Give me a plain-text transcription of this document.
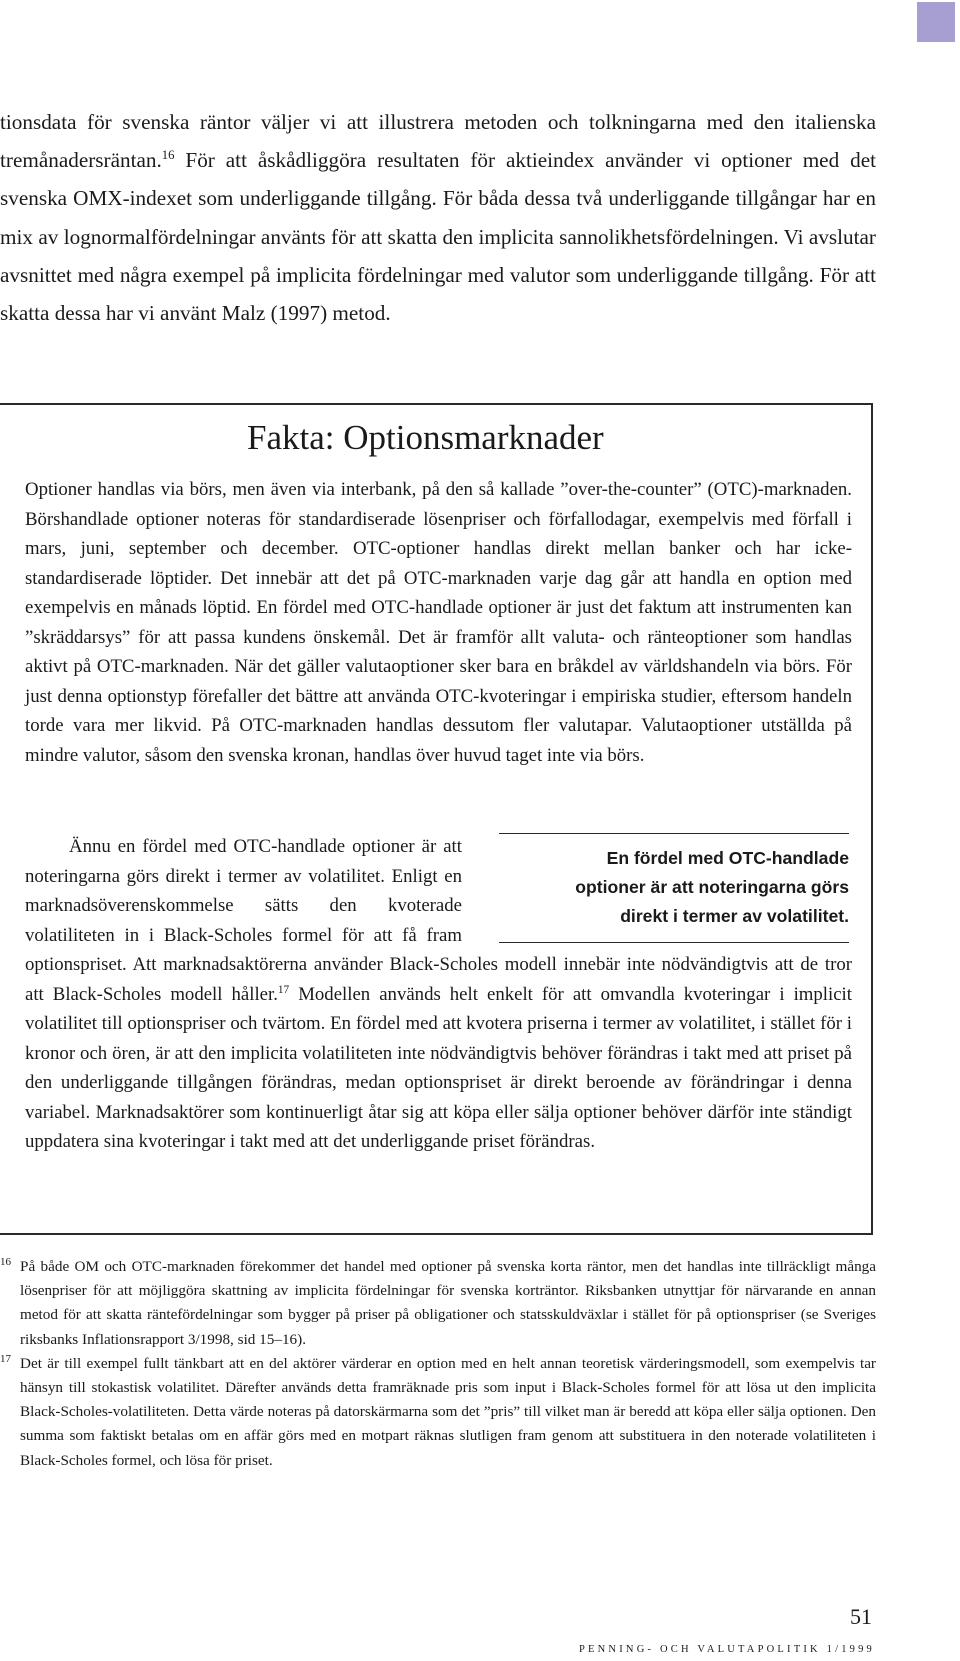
tionsdata för svenska räntor väljer vi att illustrera metoden och tolkningarna med den italienska tremånadersräntan.$^{16}$ För att åskådliggöra resultaten för aktieindex använder vi optioner med det svenska OMX-indexet som underliggande tillgång. För båda dessa två underliggande tillgångar har en mix av lognormalfördelningar använts för att skatta den implicita sannolikhetsfördelningen. Vi avslutar avsnittet med några exempel på implicita fördelningar med valutor som underliggande tillgång. För att skatta dessa har vi använt Malz (1997) metod.

Fakta: Optionsmarknader

Optioner handlas via börs, men även via interbank, på den så kallade ”over-the-counter” (OTC)-marknaden. Börshandlade optioner noteras för standardiserade lösenpriser och förfallodagar, exempelvis med förfall i mars, juni, september och december. OTC-optioner handlas direkt mellan banker och har icke-standardiserade löptider. Det innebär att det på OTC-marknaden varje dag går att handla en option med exempelvis en månads löptid. En fördel med OTC-handlade optioner är just det faktum att instrumenten kan ”skräddarsys” för att passa kundens önskemål. Det är framför allt valuta- och ränteoptioner som handlas aktivt på OTC-marknaden. När det gäller valutaoptioner sker bara en bråkdel av världshandeln via börs. För just denna optionstyp förefaller det bättre att använda OTC-kvoteringar i empiriska studier, eftersom handeln torde vara mer likvid. På OTC-marknaden handlas dessutom fler valutapar. Valutaoptioner utställda på mindre valutor, såsom den svenska kronan, handlas över huvud taget inte via börs.

Ännu en fördel med OTC-handlade optioner är att noteringarna görs direkt i termer av volatilitet. Enligt en marknadsöverenskommelse sätts den kvoterade volatiliteten in i Black-Scholes formel för att få fram optionspriset. Att marknadsaktörerna använder Black-Scholes modell innebär inte nödvändigtvis att de tror att Black-Scholes modell håller.$^{17}$ Modellen används helt enkelt för att omvandla kvoteringar i implicit volatilitet till optionspriser och tvärtom. En fördel med att kvotera priserna i termer av volatilitet, i stället för i kronor och ören, är att den implicita volatiliteten inte nödvändigtvis behöver förändras i takt med att priset på den underliggande tillgången förändras, medan optionspriset är direkt beroende av förändringar i denna variabel. Marknadsaktörer som kontinuerligt åtar sig att köpa eller sälja optioner behöver därför inte ständigt uppdatera sina kvoteringar i takt med att det underliggande priset förändras.

En fördel med OTC-handlade
optioner är att noteringarna görs
direkt i termer av volatilitet.

16 På både OM och OTC-marknaden förekommer det handel med optioner på svenska korta räntor, men det handlas inte tillräckligt många lösenpriser för att möjliggöra skattning av implicita fördelningar för svenska korträntor. Riksbanken utnyttjar för närvarande en annan metod för att skatta räntefördelningar som bygger på priser på obligationer och statsskuldväxlar i stället för på optionspriser (se Sveriges riksbanks Inflationsrapport 3/1998, sid 15–16).

17 Det är till exempel fullt tänkbart att en del aktörer värderar en option med en helt annan teoretisk värderingsmodell, som exempelvis tar hänsyn till stokastisk volatilitet. Därefter används detta framräknade pris som input i Black-Scholes formel för att lösa ut den implicita Black-Scholes-volatiliteten. Detta värde noteras på datorskärmarna som det ”pris” till vilket man är beredd att köpa eller sälja optionen. Den summa som faktiskt betalas om en affär görs med en motpart räknas slutligen fram genom att substituera in den noterade volatiliteten i Black-Scholes formel, och lösa för priset.

51
PENNING- OCH VALUTAPOLITIK 1/1999
